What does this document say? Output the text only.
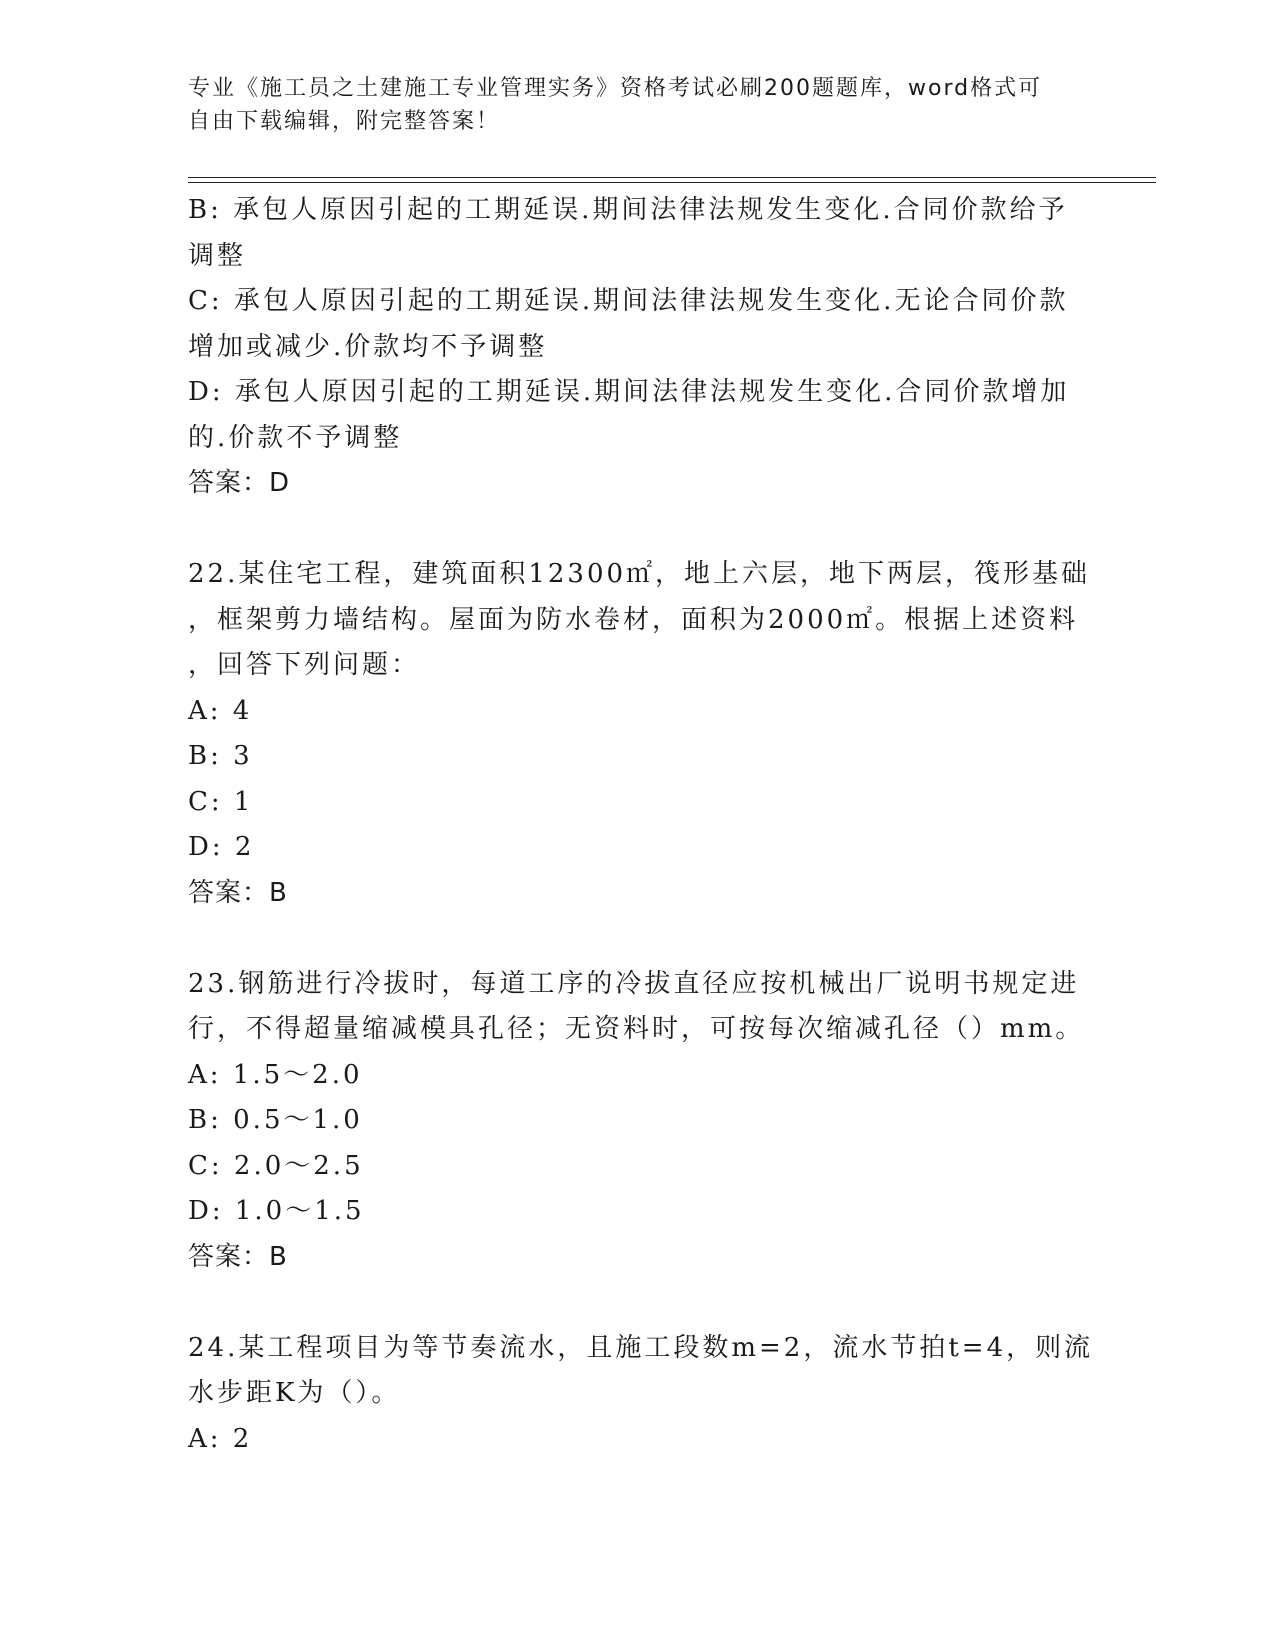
专业《施工员之土建施工专业管理实务》资格考试必刷200题题库，word格式可
自由下载编辑，附完整答案！
B: 承包人原因引起的工期延误.期间法律法规发生变化.合同价款给予
调整
C: 承包人原因引起的工期延误.期间法律法规发生变化.无论合同价款
增加或减少.价款均不予调整
D: 承包人原因引起的工期延误.期间法律法规发生变化.合同价款增加
的.价款不予调整
答案：D
22.某住宅工程，建筑面积12300㎡，地上六层，地下两层，筏形基础
，框架剪力墙结构。屋面为防水卷材，面积为2000㎡。根据上述资料
，回答下列问题：
A: 4
B: 3
C: 1
D: 2
答案：B
23.钢筋进行冷拔时，每道工序的冷拔直径应按机械出厂说明书规定进
行，不得超量缩减模具孔径；无资料时，可按每次缩减孔径（）mm。
A: 1.5～2.0
B: 0.5～1.0
C: 2.0～2.5
D: 1.0～1.5
答案：B
24.某工程项目为等节奏流水，且施工段数m=2，流水节拍t=4，则流
水步距K为（）。
A: 2
